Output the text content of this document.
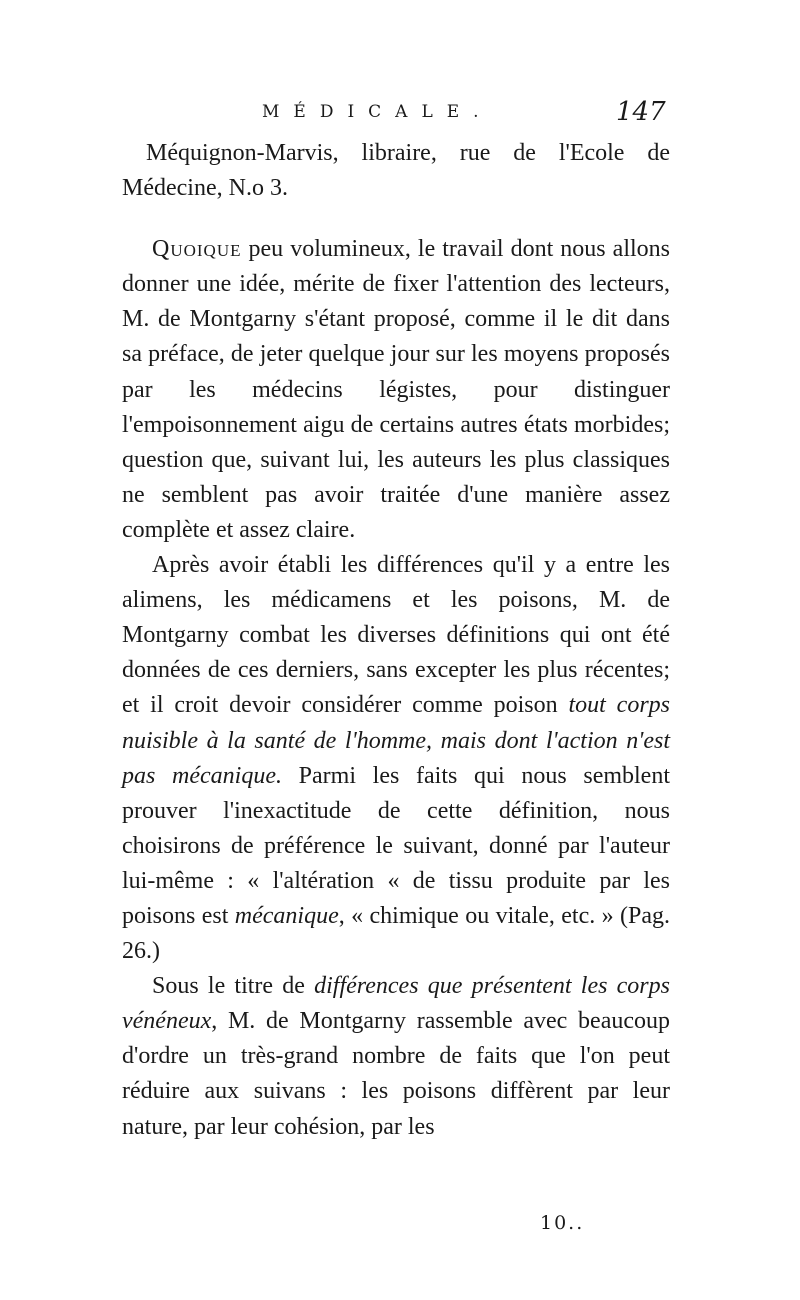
MÉDICALE.	147

Méquignon-Marvis, libraire, rue de l'Ecole de Médecine, N.o 3.

Quoique peu volumineux, le travail dont nous allons donner une idée, mérite de fixer l'attention des lecteurs, M. de Montgarny s'étant proposé, comme il le dit dans sa préface, de jeter quelque jour sur les moyens proposés par les médecins légistes, pour distinguer l'empoisonnement aigu de certains autres états morbides; question que, suivant lui, les auteurs les plus classiques ne semblent pas avoir traitée d'une manière assez complète et assez claire.

Après avoir établi les différences qu'il y a entre les alimens, les médicamens et les poisons, M. de Montgarny combat les diverses définitions qui ont été données de ces derniers, sans excepter les plus récentes; et il croit devoir considérer comme poison tout corps nuisible à la santé de l'homme, mais dont l'action n'est pas mécanique. Parmi les faits qui nous semblent prouver l'inexactitude de cette définition, nous choisirons de préférence le suivant, donné par l'auteur lui-même : « l'altération « de tissu produite par les poisons est mécanique, « chimique ou vitale, etc. » (Pag. 26.)

Sous le titre de différences que présentent les corps vénéneux, M. de Montgarny rassemble avec beaucoup d'ordre un très-grand nombre de faits que l'on peut réduire aux suivans : les poisons diffèrent par leur nature, par leur cohésion, par les

10..
